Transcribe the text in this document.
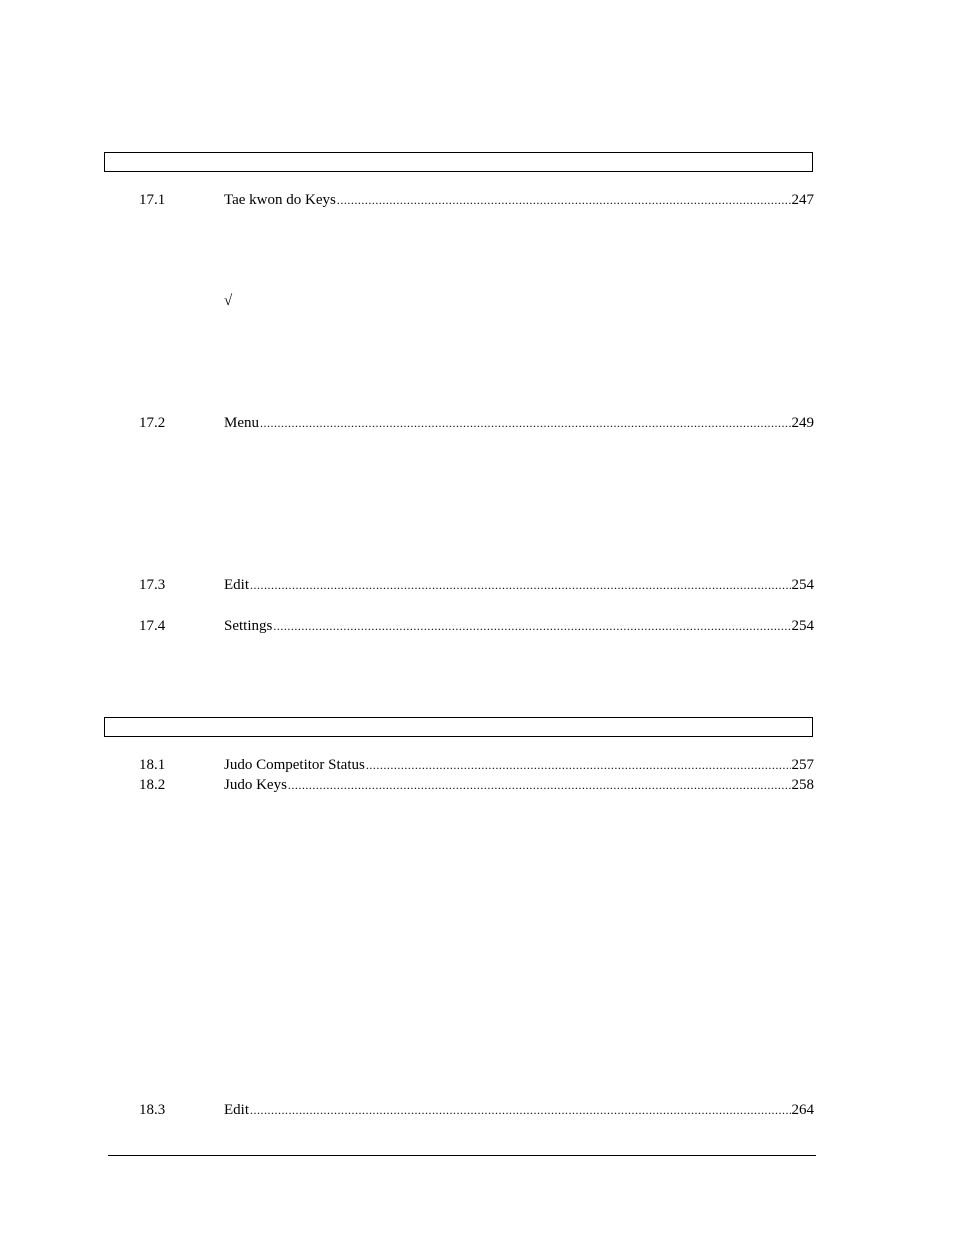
17.1	Tae kwon do Keys .....	247
√
17.2	Menu .....	249
17.3	Edit .....	254
17.4	Settings .....	254
18.1	Judo Competitor Status .....	257
18.2	Judo Keys .....	258
18.3	Edit .....	264
